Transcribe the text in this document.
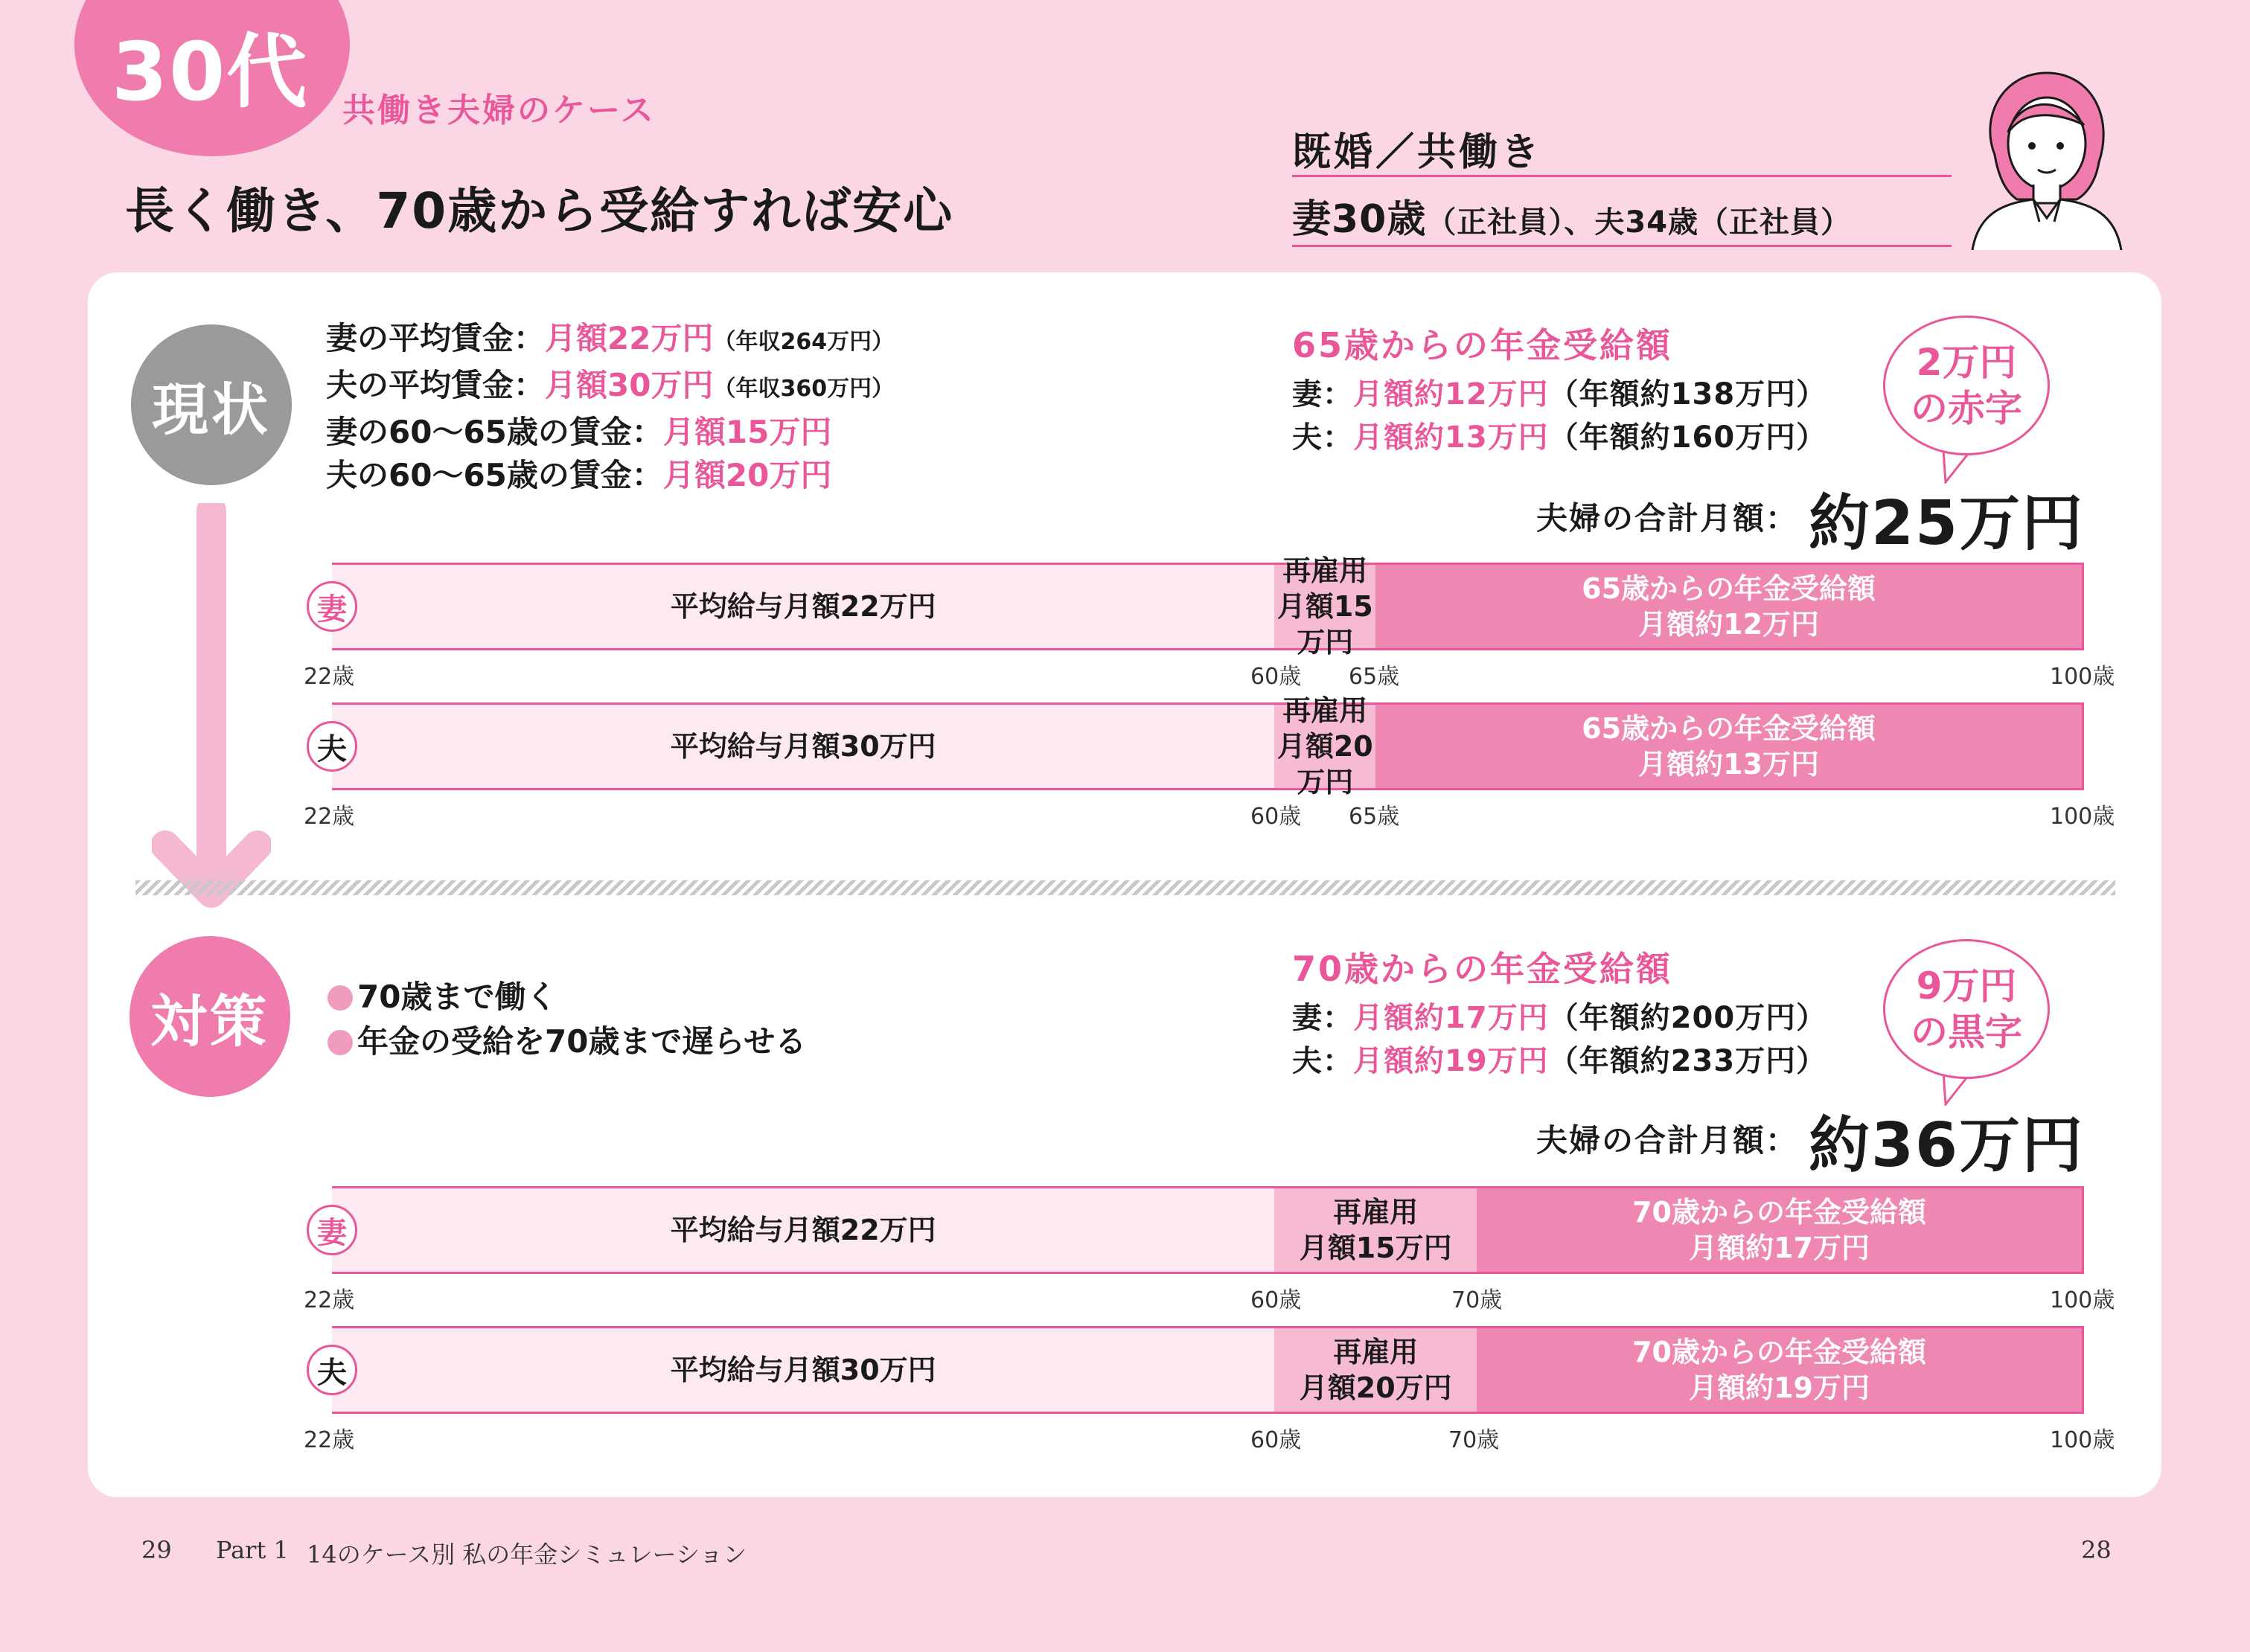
30代 共働き夫婦のケース
長く働き、70歳から受給すれば安心
既婚／共働き
妻30歳（正社員）、夫34歳（正社員）
現状
妻の平均賃金：月額22万円（年収264万円）
夫の平均賃金：月額30万円（年収360万円）
妻の60～65歳の賃金：月額15万円
夫の60～65歳の賃金：月額20万円
65歳からの年金受給額
妻：月額約12万円（年額約138万円）
夫：月額約13万円（年額約160万円）
2万円
の赤字
夫婦の合計月額： 約25万円
平均給与月額22万円
再雇用
月額15万円
65歳からの年金受給額
月額約12万円
妻
22歳	60歳 65歳	100歳
平均給与月額30万円
再雇用
月額20万円
65歳からの年金受給額
月額約13万円
夫
22歳	60歳 65歳	100歳
対策	70歳まで働く
年金の受給を70歳まで遅らせる
70歳からの年金受給額
妻：月額約17万円（年額約200万円）
夫：月額約19万円（年額約233万円）
9万円
の黒字
夫婦の合計月額： 約36万円
平均給与月額22万円
再雇用
月額15万円
70歳からの年金受給額
月額約17万円
妻
22歳	60歳	70歳	100歳
平均給与月額30万円
再雇用
月額20万円
70歳からの年金受給額
月額約19万円
夫
22歳	60歳	70歳	100歳
29 Part 1 14のケース別 私の年金シミュレーション	28
